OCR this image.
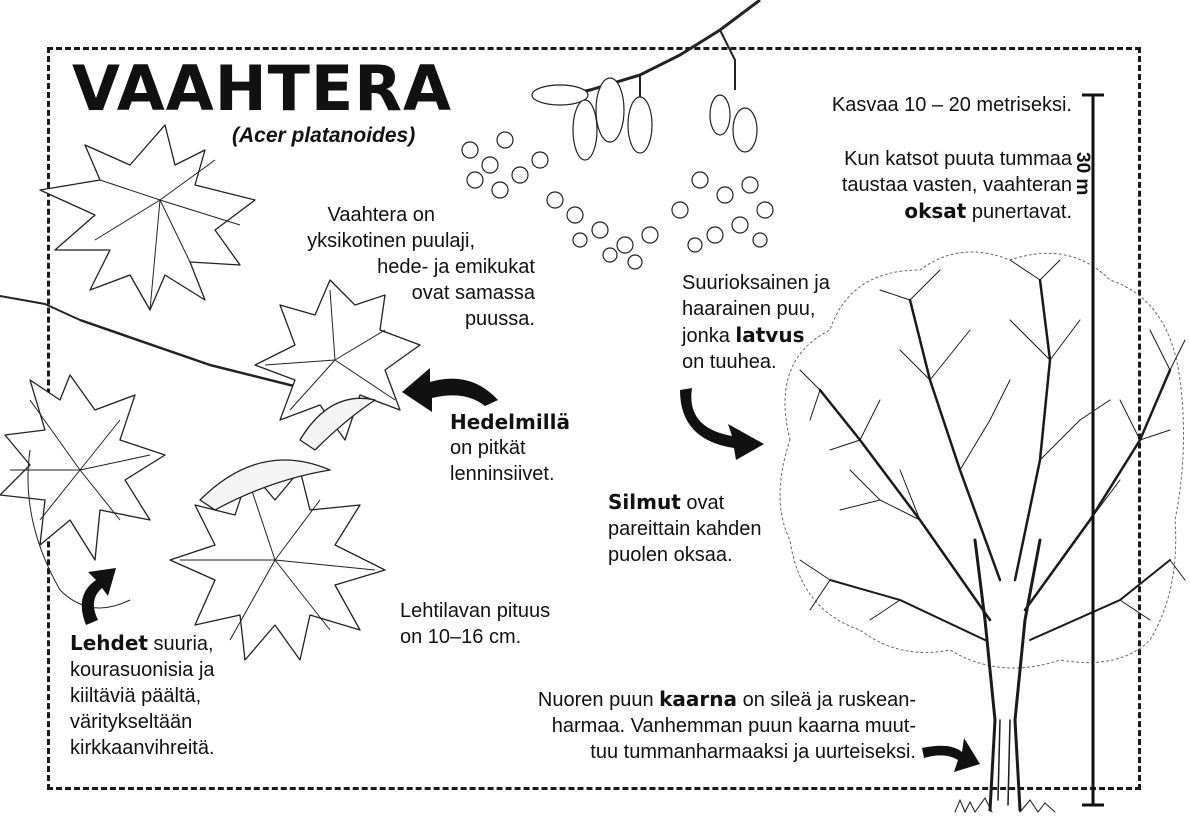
VAAHTERA
(Acer platanoides)
Kasvaa 10 – 20 metriseksi.
Kun katsot puuta tummaa
taustaa vasten, vaahteran
oksat punertavat.
Vaahtera on
yksikotinen puulaji,
hede- ja emikukat
ovat samassa
puussa.
Hedelmillä
on pitkät
lenninsiivet.
Suurioksainen ja
haarainen puu,
jonka latvus
on tuuhea.
Silmut ovat
pareittain kahden
puolen oksaa.
Lehtilavan pituus
on 10–16 cm.
Lehdet suuria,
kourasuonisia ja
kiiltäviä päältä,
väritykseltään
kirkkaanvihreitä.
Nuoren puun kaarna on sileä ja ruskean-
harmaa. Vanhemman puun kaarna muut-
tuu tummanharmaaksi ja uurteiseksi.
30 m
